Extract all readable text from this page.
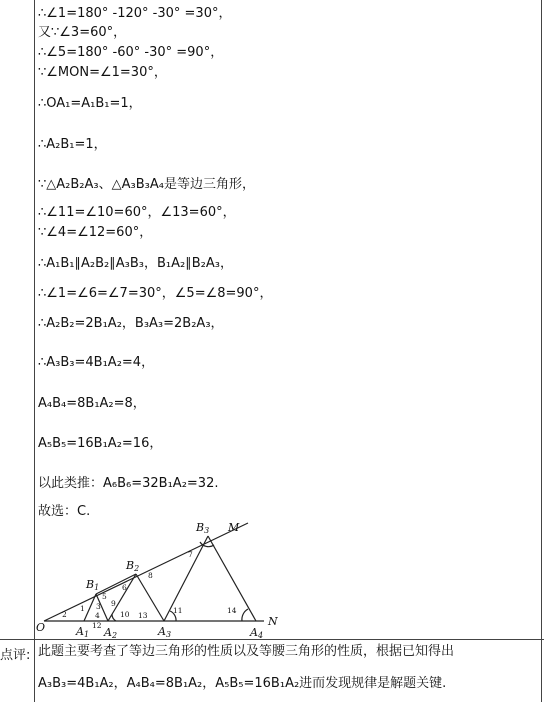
∴∠1=180° -120° -30° =30°，
又∵∠3=60°，
∴∠5=180° -60° -30° =90°，
∵∠MON=∠1=30°，
∴OA₁=A₁B₁=1，
∴A₂B₁=1，
∵△A₂B₂A₃、△A₃B₃A₄是等边三角形，
∴∠11=∠10=60°，∠13=60°，
∵∠4=∠12=60°，
∴A₁B₁∥A₂B₂∥A₃B₃，B₁A₂∥B₂A₃，
∴∠1=∠6=∠7=30°，∠5=∠8=90°，
∴A₂B₂=2B₁A₂，B₃A₃=2B₂A₃，
∴A₃B₃=4B₁A₂=4，
A₄B₄=8B₁A₂=8，
A₅B₅=16B₁A₂=16，
以此类推：A₆B₆=32B₁A₂=32.
故选：C.
O	A1 A2	A3	A4
B1
B2
B3 M
N
2
1 3
4
5
6
7
8
9
10	11
12
13
14
点评: 此题主要考查了等边三角形的性质以及等腰三角形的性质，根据已知得出
A₃B₃=4B₁A₂，A₄B₄=8B₁A₂，A₅B₅=16B₁A₂进而发现规律是解题关键.
